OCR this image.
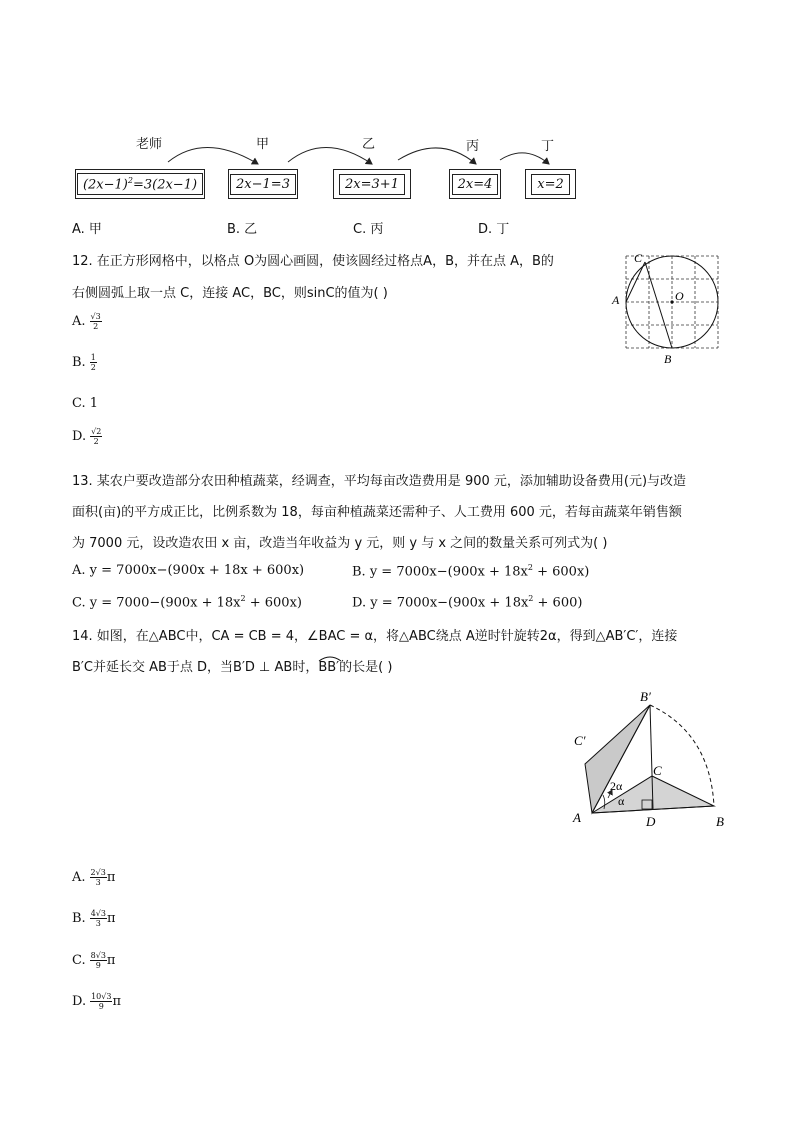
老师	甲	乙	丙	丁
$(2x-1)^2=3(2x-1)$	2x−1=3	2x=3+1	2x=4	x=2
A. 甲	B. 乙	C. 丙	D. 丁
12. 在正方形网格中，以格点 O为圆心画圆，使该圆经过格点A，B，并在点 A，B的
右侧圆弧上取一点 C，连接 AC，BC，则sinC的值为( )	A
C
O
B
A. $\frac{√3}{2}$
B. $\frac{1}{2}$
C. 1
D. $\frac{√2}{2}$
13. 某农户要改造部分农田种植蔬菜，经调查，平均每亩改造费用是 900 元，添加辅助设备费用(元)与改造
面积(亩)的平方成正比，比例系数为 18，每亩种植蔬菜还需种子、人工费用 600 元，若每亩蔬菜年销售额
为 7000 元，设改造农田 x 亩，改造当年收益为 y 元，则 y 与 x 之间的数量关系可列式为( )
A. y = 7000x−(900x + 18x + 600x)	B. $y = 7000x-(900x + 18x^2 + 600x)$
C. $y = 7000-(900x + 18x^2 + 600x)$	D. $y = 7000x-(900x + 18x^2 + 600)$
14. 如图，在△ABC中，CA = CB = 4，∠BAC = α，将△ABC绕点 A逆时针旋转2α，得到△AB′C′，连接
B′C并延长交 AB于点 D，当B′D ⊥ AB时，
BB′的长是( )
A	B
C
D
B′
C′
2α
α
A. $\frac{2√3}{3}$ π
B. $\frac{4√3}{3}$ π
C. $\frac{8√3}{9}$ π
D. $\frac{10√3}{9}$ π
